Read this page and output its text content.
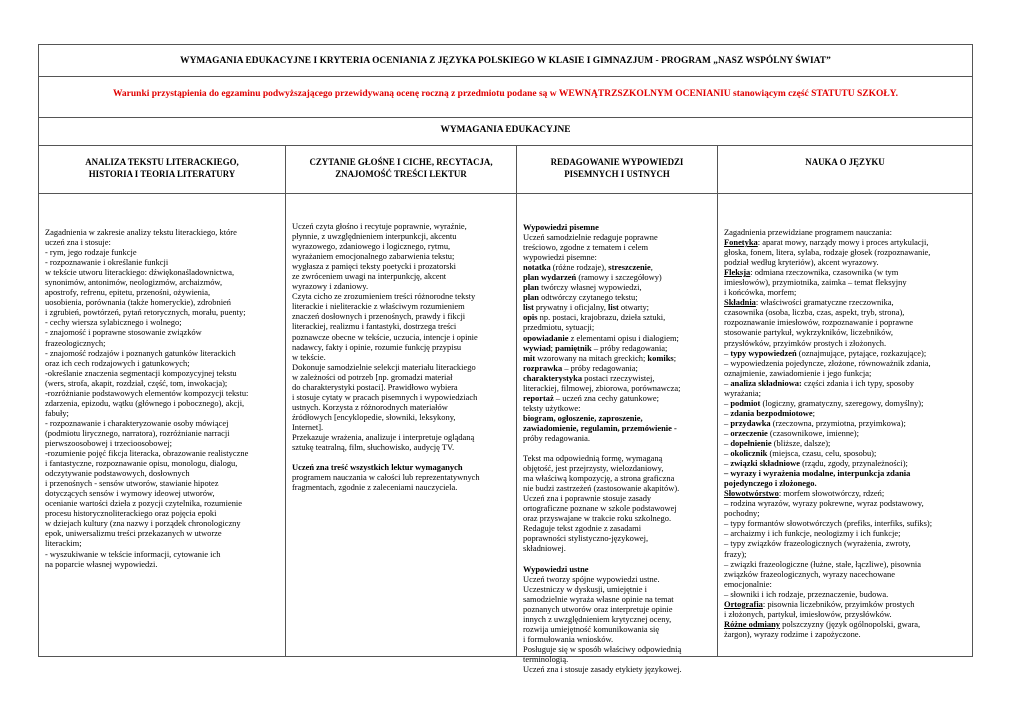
WYMAGANIA EDUKACYJNE I KRYTERIA OCENIANIA Z JĘZYKA POLSKIEGO W KLASIE I GIMNAZJUM - PROGRAM „NASZ WSPÓLNY ŚWIAT”
Warunki przystąpienia do egzaminu podwyższającego przewidywaną ocenę roczną z przedmiotu podane są w WEWNĄTRZSZKOLNYM OCENIANIU stanowiącym część STATUTU SZKOŁY.
WYMAGANIA EDUKACYJNE
ANALIZA TEKSTU LITERACKIEGO,
HISTORIA I TEORIA LITERATURY
CZYTANIE GŁOŚNE I CICHE, RECYTACJA,
ZNAJOMOŚĆ TREŚCI LEKTUR
REDAGOWANIE WYPOWIEDZI
PISEMNYCH I USTNYCH
NAUKA O JĘZYKU
Zagadnienia w zakresie analizy tekstu literackiego, które
uczeń zna i stosuje:
- rym, jego rodzaje funkcje
- rozpoznawanie i określanie funkcji
w tekście utworu literackiego: dźwiękonaśladownictwa,
synonimów, antonimów, neologizmów, archaizmów,
apostrofy, refrenu, epitetu, przenośni, ożywienia,
uosobienia, porównania (także homeryckie), zdrobnień
i zgrubień, powtórzeń, pytań retorycznych, morału, puenty;
- cechy wiersza sylabicznego i wolnego;
- znajomość i poprawne stosowanie związków
frazeologicznych;
- znajomość rodzajów i poznanych gatunków literackich
oraz ich cech rodzajowych i gatunkowych;
-określanie znaczenia segmentacji kompozycyjnej tekstu
(wers, strofa, akapit, rozdział, część, tom, inwokacja);
-rozróżnianie podstawowych elementów kompozycji tekstu:
zdarzenia, epizodu, wątku (głównego i pobocznego), akcji,
fabuły;
- rozpoznawanie i charakteryzowanie osoby mówiącej
(podmiotu lirycznego, narratora), rozróżnianie narracji
pierwszoosobowej i trzecioosobowej;
-rozumienie pojęć fikcja literacka, obrazowanie realistyczne
i fantastyczne, rozpoznawanie opisu, monologu, dialogu,
odczytywanie podstawowych, dosłownych
i przenośnych - sensów utworów, stawianie hipotez
dotyczących sensów i wymowy ideowej utworów,
ocenianie wartości dzieła z pozycji czytelnika, rozumienie
procesu historycznoliterackiego oraz pojęcia epoki
w dziejach kultury (zna nazwy i porządek chronologiczny
epok, uniwersalizmu treści przekazanych w utworze
literackim;
- wyszukiwanie w tekście informacji, cytowanie ich
na poparcie własnej wypowiedzi.
Uczeń czyta głośno i recytuje poprawnie, wyraźnie,
płynnie, z uwzględnieniem interpunkcji, akcentu
wyrazowego, zdaniowego i logicznego, rytmu,
wyrażaniem emocjonalnego zabarwienia tekstu;
wygłasza z pamięci teksty poetycki i prozatorski
ze zwróceniem uwagi na interpunkcję, akcent
wyrazowy i zdaniowy.
Czyta cicho ze zrozumieniem treści różnorodne teksty
literackie i nieliterackie z właściwym rozumieniem
znaczeń dosłownych i przenośnych, prawdy i fikcji
literackiej, realizmu i fantastyki, dostrzega treści
poznawcze obecne w tekście, uczucia, intencje i opinie
nadawcy, fakty i opinie, rozumie funkcję przypisu
w tekście.
Dokonuje samodzielnie selekcji materiału literackiego
w zależności od potrzeb [np. gromadzi materiał
do charakterystyki postaci]. Prawidłowo wybiera
i stosuje cytaty w pracach pisemnych i wypowiedziach
ustnych. Korzysta z różnorodnych materiałów
źródłowych [encyklopedie, słowniki, leksykony,
Internet].
Przekazuje wrażenia, analizuje i interpretuje oglądaną
sztukę teatralną, film, słuchowisko, audycję TV.
Uczeń zna treść wszystkich lektur wymaganych
programem nauczania w całości lub reprezentatywnych
fragmentach, zgodnie z zaleceniami nauczyciela.
Wypowiedzi pisemne
Uczeń samodzielnie redaguje poprawne
treściowo, zgodne z tematem i celem
wypowiedzi pisemne:
notatka (różne rodzaje), streszczenie,
plan wydarzeń (ramowy i szczegółowy)
plan twórczy własnej wypowiedzi,
plan odtwórczy czytanego tekstu;
list prywatny i oficjalny, list otwarty;
opis np. postaci, krajobrazu, dzieła sztuki,
przedmiotu, sytuacji;
opowiadanie z elementami opisu i dialogiem;
wywiad; pamiętnik – próby redagowania;
mit wzorowany na mitach greckich; komiks;
rozprawka – próby redagowania;
charakterystyka postaci rzeczywistej,
literackiej, filmowej, zbiorowa, porównawcza;
reportaż – uczeń zna cechy gatunkowe;
teksty użytkowe:
biogram, ogłoszenie, zaproszenie,
zawiadomienie, regulamin, przemówienie -
próby redagowania.
Tekst ma odpowiednią formę, wymaganą
objętość, jest przejrzysty, wielozdaniowy,
ma właściwą kompozycję, a strona graficzna
nie budzi zastrzeżeń (zastosowanie akapitów).
Uczeń zna i poprawnie stosuje zasady
ortograficzne poznane w szkole podstawowej
oraz przyswajane w trakcie roku szkolnego.
Redaguje tekst zgodnie z zasadami
poprawności stylistyczno-językowej,
składniowej.
Wypowiedzi ustne
Uczeń tworzy spójne wypowiedzi ustne.
Uczestniczy w dyskusji, umiejętnie i
samodzielnie wyraża własne opinie na temat
poznanych utworów oraz interpretuje opinie
innych z uwzględnieniem krytycznej oceny,
rozwija umiejętność komunikowania się
i formułowania wniosków.
Posługuje się w sposób właściwy odpowiednią
terminologią.
Uczeń zna i stosuje zasady etykiety językowej.
Zagadnienia przewidziane programem nauczania:
Fonetyka: aparat mowy, narządy mowy i proces artykulacji,
głoska, fonem, litera, sylaba, rodzaje głosek (rozpoznawanie,
podział według kryteriów), akcent wyrazowy.
Fleksja: odmiana rzeczownika, czasownika (w tym
imiesłowów), przymiotnika, zaimka – temat fleksyjny
i końcówka, morfem;
Składnia: właściwości gramatyczne rzeczownika,
czasownika (osoba, liczba, czas, aspekt, tryb, strona),
rozpoznawanie imiesłowów, rozpoznawanie i poprawne
stosowanie partykuł, wykrzykników, liczebników,
przysłówków, przyimków prostych i złożonych.
– typy wypowiedzeń (oznajmujące, pytające, rozkazujące);
– wypowiedzenia pojedyncze, złożone, równoważnik zdania,
oznajmienie, zawiadomienie i jego funkcja;
– analiza składniowa: części zdania i ich typy, sposoby
wyrażania;
– podmiot (logiczny, gramatyczny, szeregowy, domyślny);
– zdania bezpodmiotowe;
– przydawka (rzeczowna, przymiotna, przyimkowa);
– orzeczenie (czasownikowe, imienne);
– dopełnienie (bliższe, dalsze);
– okolicznik (miejsca, czasu, celu, sposobu);
– związki składniowe (rządu, zgody, przynależności);
– wyrazy i wyrażenia modalne, interpunkcja zdania
pojedynczego i złożonego.
Słowotwórstwo: morfem słowotwórczy, rdzeń;
– rodzina wyrazów, wyrazy pokrewne, wyraz podstawowy,
pochodny;
– typy formantów słowotwórczych (prefiks, interfiks, sufiks);
– archaizmy i ich funkcje, neologizmy i ich funkcje;
– typy związków frazeologicznych (wyrażenia, zwroty,
frazy);
– związki frazeologiczne (łużne, stałe, łączliwe), pisownia
związków frazeologicznych, wyrazy nacechowane
emocjonalnie:
– słowniki i ich rodzaje, przeznaczenie, budowa.
Ortografia: pisownia liczebników, przyimków prostych
i złożonych, partykuł, imiesłowów, przysłówków.
Różne odmiany polszczyzny (język ogólnopolski, gwara,
żargon), wyrazy rodzime i zapożyczone.
